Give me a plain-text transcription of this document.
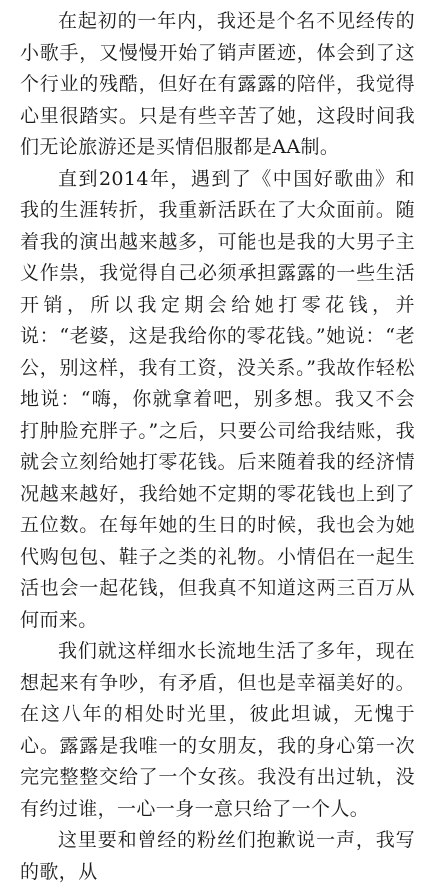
在起初的一年内，我还是个名不见经传的小歌手，又慢慢开始了销声匿迹，体会到了这个行业的残酷，但好在有露露的陪伴，我觉得心里很踏实。只是有些辛苦了她，这段时间我们无论旅游还是买情侣服都是AA制。

直到2014年，遇到了《中国好歌曲》和我的生涯转折，我重新活跃在了大众面前。随着我的演出越来越多，可能也是我的大男子主义作祟，我觉得自己必须承担露露的一些生活开销，所以我定期会给她打零花钱，并说：“老婆，这是我给你的零花钱。”她说：“老公，别这样，我有工资，没关系。”我故作轻松地说：“嗨，你就拿着吧，别多想。我又不会打肿脸充胖子。”之后，只要公司给我结账，我就会立刻给她打零花钱。后来随着我的经济情况越来越好，我给她不定期的零花钱也上到了五位数。在每年她的生日的时候，我也会为她代购包包、鞋子之类的礼物。小情侣在一起生活也会一起花钱，但我真不知道这两三百万从何而来。

我们就这样细水长流地生活了多年，现在想起来有争吵，有矛盾，但也是幸福美好的。在这八年的相处时光里，彼此坦诚，无愧于心。露露是我唯一的女朋友，我的身心第一次完完整整交给了一个女孩。我没有出过轨，没有约过谁，一心一身一意只给了一个人。

这里要和曾经的粉丝们抱歉说一声，我写的歌，从
